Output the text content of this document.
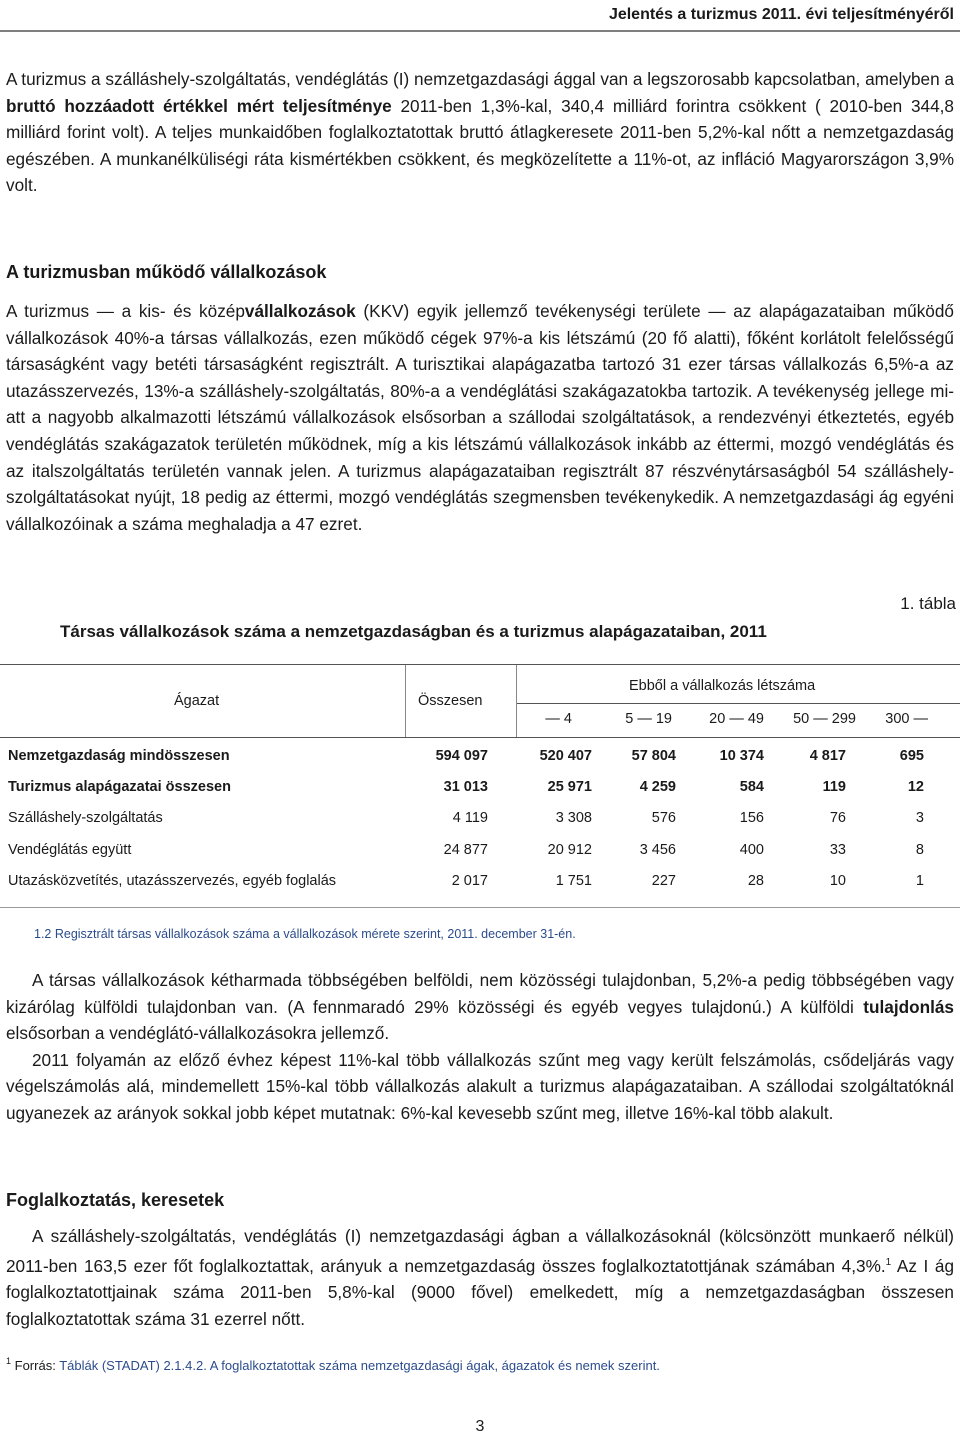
Jelentés a turizmus 2011. évi teljesítményéről

A turizmus a szálláshely-szolgáltatás, vendéglátás (I) nemzetgazdasági ággal van a legszorosabb kapcsolatban, amelyben a bruttó hozzáadott értékkel mért teljesítménye 2011-ben 1,3%-kal, 340,4 milliárd forintra csökkent ( 2010-ben 344,8 milliárd forint volt). A teljes munkaidőben foglalkoztatottak bruttó átlagkeresete 2011-ben 5,2%-kal nőtt a nemzetgazdaság egészében. A munkanélküliségi ráta kismértékben csökkent, és megközelítette a 11%-ot, az infláció Magyarországon 3,9% volt.

A turizmusban működő vállalkozások

A turizmus — a kis- és középvállalkozások (KKV) egyik jellemző tevékenységi területe — az alapágazataiban működő vállalkozások 40%-a társas vállalkozás, ezen működő cégek 97%-a kis létszámú (20 fő alatti), főként korlátolt felelősségű társaságként vagy betéti társaságként regisztrált. A turisztikai alapágazatba tartozó 31 ezer társas vállalkozás 6,5%-a az utazásszervezés, 13%-a szálláshely-szolgáltatás, 80%-a a vendéglátási szakágazatokba tartozik. A tevékenység jellege miatt a nagyobb alkalmazotti létszámú vállalkozások elsősorban a szállodai szolgáltatások, a rendezvényi étkeztetés, egyéb vendéglátás szakágazatok területén működnek, míg a kis létszámú vállalkozások inkább az éttermi, mozgó vendéglátás és az italszolgáltatás területén vannak jelen. A turizmus alapágazataiban regisztrált 87 részvénytársaságból 54 szálláshely-szolgáltatásokat nyújt, 18 pedig az éttermi, mozgó vendéglátás szegmensben tevékenykedik. A nemzetgazdasági ág egyéni vállalkozóinak a száma meghaladja a 47 ezret.

1. tábla
Társas vállalkozások száma a nemzetgazdaságban és a turizmus alapágazataiban, 2011
Ágazat	Összesen
Ebből a vállalkozás létszáma
— 4	5 — 19	20 — 49	50 — 299	300 —
Nemzetgazdaság mindösszesen	594 097	520 407	57 804	10 374	4 817	695
Turizmus alapágazatai összesen	31 013	25 971	4 259	584	119	12
Szálláshely-szolgáltatás	4 119	3 308	576	156	76	3
Vendéglátás együtt	24 877	20 912	3 456	400	33	8
Utazásközvetítés, utazásszervezés, egyéb foglalás	2 017	1 751	227	28	10	1
1.2 Regisztrált társas vállalkozások száma a vállalkozások mérete szerint, 2011. december 31-én.

A társas vállalkozások kétharmada többségében belföldi, nem közösségi tulajdonban, 5,2%-a pedig többségében vagy kizárólag külföldi tulajdonban van. (A fennmaradó 29% közösségi és egyéb vegyes tulajdonú.) A külföldi tulajdonlás elsősorban a vendéglátó-vállalkozásokra jellemző.
2011 folyamán az előző évhez képest 11%-kal több vállalkozás szűnt meg vagy került felszámolás, csődeljárás vagy végelszámolás alá, mindemellett 15%-kal több vállalkozás alakult a turizmus alapágazataiban. A szállodai szolgáltatóknál ugyanezek az arányok sokkal jobb képet mutatnak: 6%-kal kevesebb szűnt meg, illetve 16%-kal több alakult.

Foglalkoztatás, keresetek

A szálláshely-szolgáltatás, vendéglátás (I) nemzetgazdasági ágban a vállalkozásoknál (kölcsönzött munkaerő nélkül) 2011-ben 163,5 ezer főt foglalkoztattak, arányuk a nemzetgazdaság összes foglalkoztatottjának számában 4,3%.$^1$ Az I ág foglalkoztatottjainak száma 2011-ben 5,8%-kal (9000 fővel) emelkedett, míg a nemzetgazdaságban összesen foglalkoztatottak száma 31 ezerrel nőtt.

$^1$ Forrás: Táblák (STADAT) 2.1.4.2. A foglalkoztatottak száma nemzetgazdasági ágak, ágazatok és nemek szerint.
3
